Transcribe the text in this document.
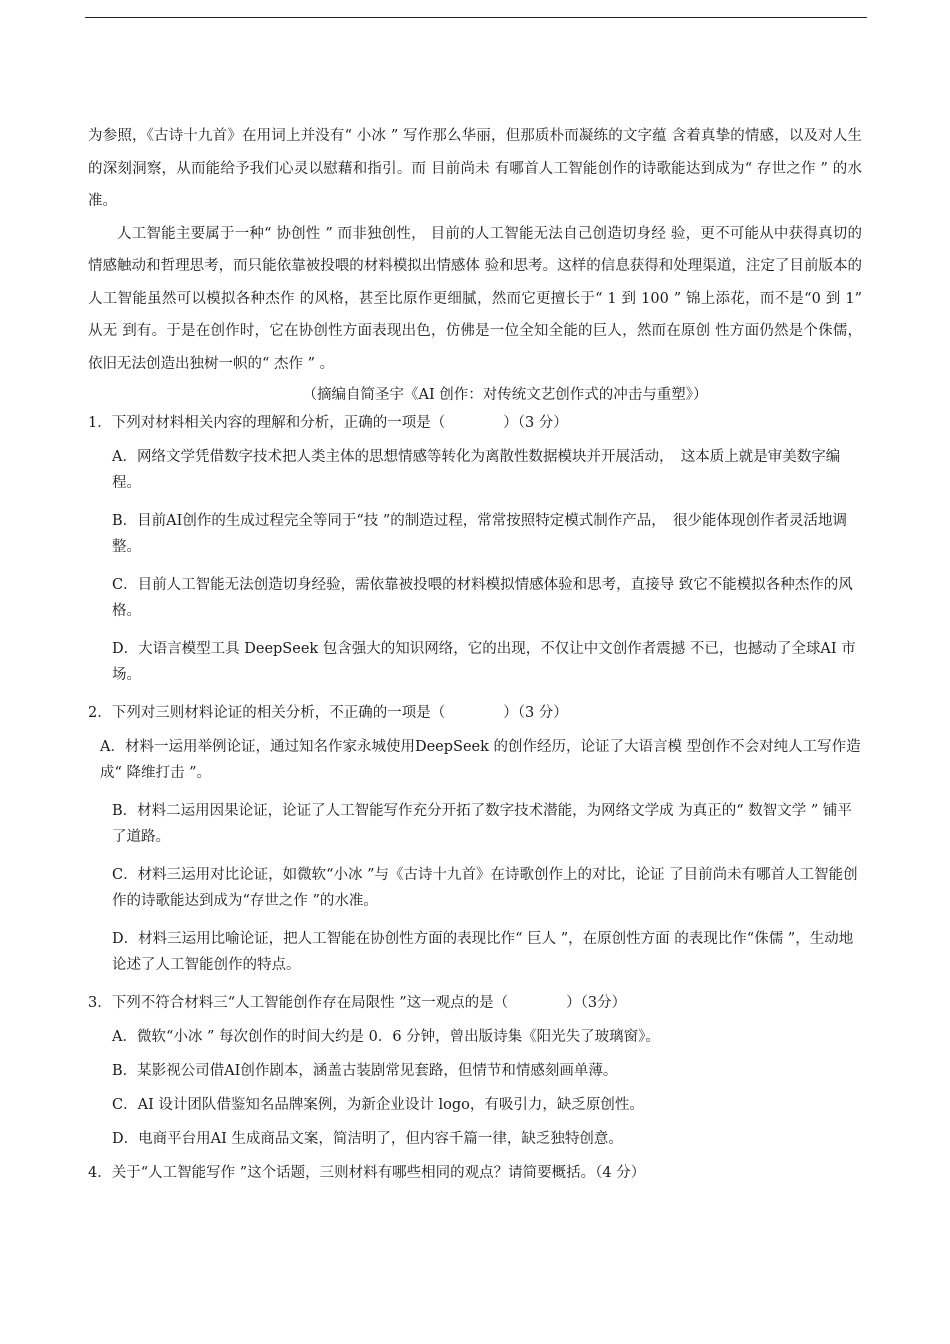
为参照，《古诗十九首》在用词上并没有“ 小冰 ” 写作那么华丽，但那质朴而凝练的文字蕴 含着真挚的情感，以及对人生的深刻洞察，从而能给予我们心灵以慰藉和指引。而 目前尚未 有哪首人工智能创作的诗歌能达到成为“ 存世之作 ” 的水准。

人工智能主要属于一种“ 协创性 ” 而非独创性， 目前的人工智能无法自己创造切身经 验，更不可能从中获得真切的情感触动和哲理思考，而只能依靠被投喂的材料模拟出情感体 验和思考。这样的信息获得和处理渠道，注定了目前版本的人工智能虽然可以模拟各种杰作 的风格，甚至比原作更细腻，然而它更擅长于“ 1 到 100 ” 锦上添花，而不是“0 到 1” 从无 到有。于是在创作时，它在协创性方面表现出色，仿佛是一位全知全能的巨人，然而在原创 性方面仍然是个侏儒，依旧无法创造出独树一帜的“ 杰作 ” 。

（摘编自简圣宇《AI 创作：对传统文艺创作式的冲击与重塑》）

1．下列对材料相关内容的理解和分析，正确的一项是（　　　　）（3 分）

A．网络文学凭借数字技术把人类主体的思想情感等转化为离散性数据模块并开展活动，　这本质上就是审美数字编程。

B．目前AI创作的生成过程完全等同于“技 ”的制造过程，常常按照特定模式制作产品，　很少能体现创作者灵活地调整。

C．目前人工智能无法创造切身经验，需依靠被投喂的材料模拟情感体验和思考，直接导 致它不能模拟各种杰作的风格。

D．大语言模型工具 DeepSeek 包含强大的知识网络，它的出现，不仅让中文创作者震撼 不已，也撼动了全球AI 市场。

2．下列对三则材料论证的相关分析，不正确的一项是（　　　　）（3 分）

A．材料一运用举例论证，通过知名作家永城使用DeepSeek 的创作经历，论证了大语言模 型创作不会对纯人工写作造成“ 降维打击 ”。

B．材料二运用因果论证，论证了人工智能写作充分开拓了数字技术潜能，为网络文学成 为真正的“ 数智文学 ” 铺平了道路。

C．材料三运用对比论证，如微软“小冰 ”与《古诗十九首》在诗歌创作上的对比，论证 了目前尚未有哪首人工智能创作的诗歌能达到成为“存世之作 ”的水准。

D．材料三运用比喻论证，把人工智能在协创性方面的表现比作“ 巨人 ”，在原创性方面 的表现比作“侏儒 ”，生动地论述了人工智能创作的特点。

3．下列不符合材料三“人工智能创作存在局限性 ”这一观点的是（　　　　）（3分）

A．微软“小冰 ” 每次创作的时间大约是 0．6 分钟，曾出版诗集《阳光失了玻璃窗》。

B．某影视公司借AI创作剧本，涵盖古装剧常见套路，但情节和情感刻画单薄。

C．AI 设计团队借鉴知名品牌案例，为新企业设计 logo，有吸引力，缺乏原创性。

D．电商平台用AI 生成商品文案，简洁明了，但内容千篇一律，缺乏独特创意。

4．关于“人工智能写作 ”这个话题，三则材料有哪些相同的观点？请简要概括。（4 分）
